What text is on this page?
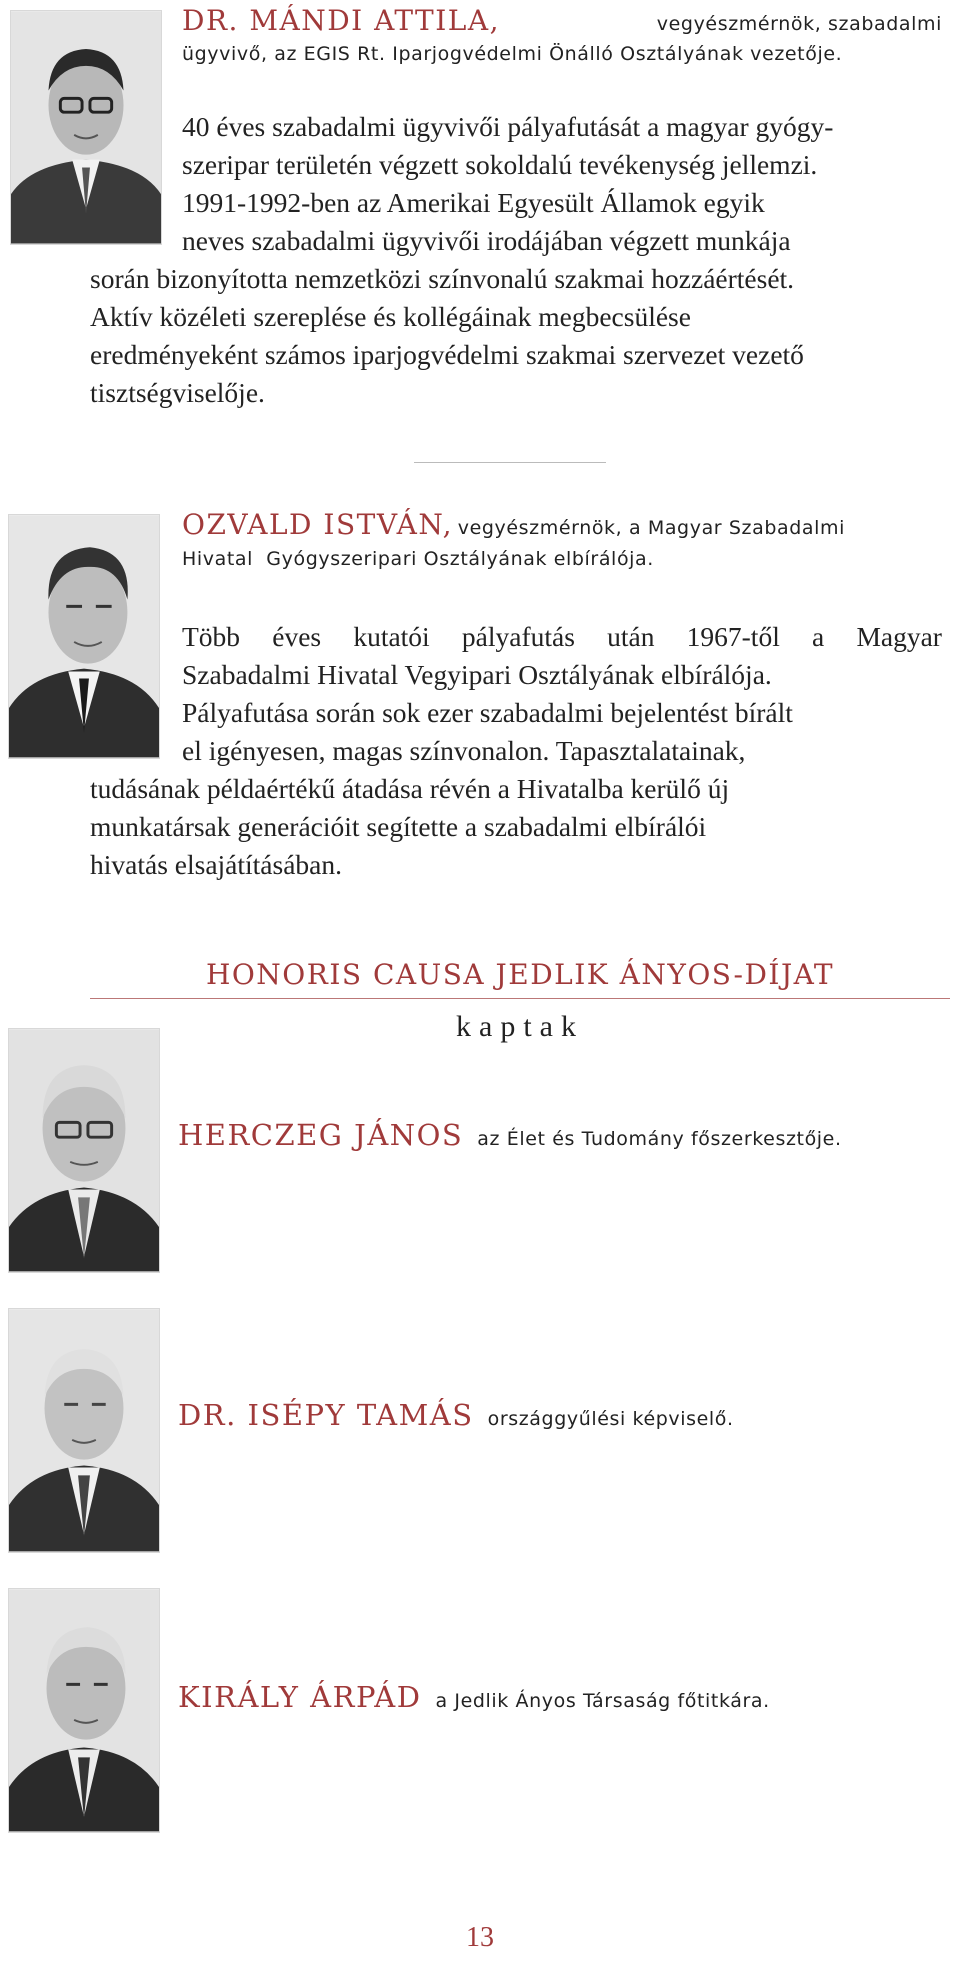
DR. MÁNDI ATTILA,	vegyészmérnök, szabadalmi
ügyvivő, az EGIS Rt. Iparjogvédelmi Önálló Osztályának vezetője.
40 éves szabadalmi ügyvivői pályafutását a magyar gyógy-
szeripar területén végzett sokoldalú tevékenység jellemzi.
1991-1992-ben az Amerikai Egyesült Államok egyik
neves szabadalmi ügyvivői irodájában végzett munkája
során bizonyította nemzetközi színvonalú szakmai hozzáértését.
Aktív közéleti szereplése és kollégáinak megbecsülése
eredményeként számos iparjogvédelmi szakmai szervezet vezető
tisztségviselője.
OZVALD ISTVÁN, vegyészmérnök, a Magyar Szabadalmi
Hivatal  Gyógyszeripari Osztályának elbírálója.
Több éves kutatói pályafutás után 1967-től a Magyar
Szabadalmi Hivatal Vegyipari Osztályának elbírálója.
Pályafutása során sok ezer szabadalmi bejelentést bírált
el igényesen, magas színvonalon. Tapasztalatainak,
tudásának példaértékű átadása révén a Hivatalba kerülő új
munkatársak generációit segítette a szabadalmi elbírálói
hivatás elsajátításában.
HONORIS CAUSA JEDLIK ÁNYOS-DÍJAT
kaptak
HERCZEG JÁNOS az Élet és Tudomány főszerkesztője.
DR. ISÉPY TAMÁS országgyűlési képviselő.
KIRÁLY ÁRPÁD a Jedlik Ányos Társaság főtitkára.
13
